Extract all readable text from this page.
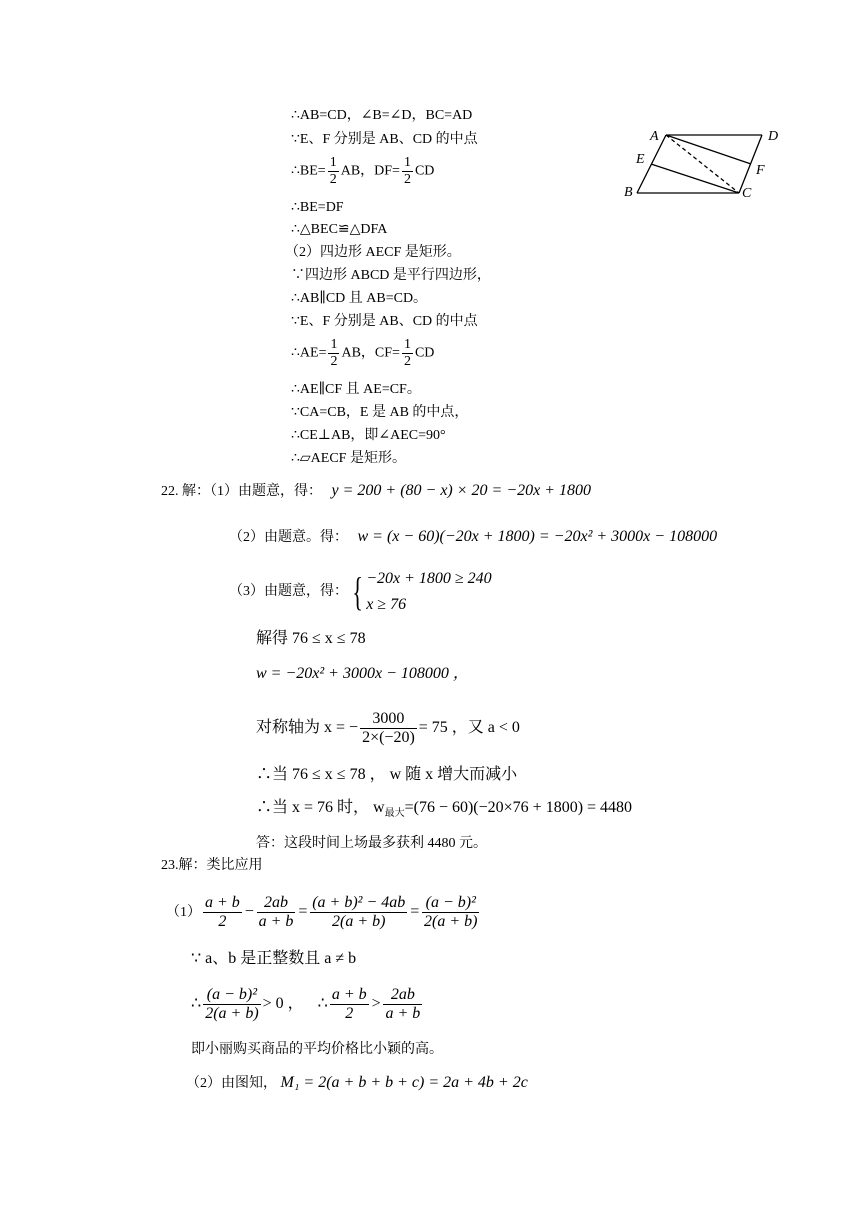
∴AB=CD，∠B=∠D，BC=AD
∵E、F 分别是 AB、CD 的中点
∴BE= $\frac{1}{2}$ AB，$DF= \frac{1}{2}$ CD
∴BE=DF
∴△BEC≌△DFA
（2）四边形 AECF 是矩形。
∵四边形 ABCD 是平行四边形，
∴AB∥CD 且 AB=CD。
∵E、F 分别是 AB、CD 的中点
∴AE= $\frac{1}{2}$ AB，$CF= \frac{1}{2}$ CD
∴AE∥CF 且 AE=CF。
∵CA=CB，E 是 AB 的中点，
∴CE⊥AB，即∠AEC=90°
∴▱AECF 是矩形。
A	D
E
F
B	C
22. 解：（1）由题意，得： y = 200 + (80 − x) × 20 = −20x + 1800
（2）由题意。得： w = (x − 60)(−20x + 1800) = −20x² + 3000x − 108000
（3）由题意，得： { −20x + 1800 ≥ 240
x ≥ 76
解得 76 ≤ x ≤ 78
w = −20x² + 3000x − 108000 ，
对称轴为 x = − $\frac{3000}{2\times(-20)} = 75$ ，又 a < 0
∴当 76 ≤ x ≤ 78 ， w 随 x 增大而减小
∴当 x = 76 时， $w_{最大}=(76 - 60)(-20\times 76 + 1800) = 4480$
答：这段时间上场最多获利 4480 元。
23.解：类比应用
$(1) \frac{a + b}{2} - \frac{2ab}{a + b} = \frac{\text{(a + b)² − 4ab}}{2(a + b)} = \frac{\text{(a − b)²}}{2(a + b)}$
∵ a、b 是正整数且 a ≠ b
∴ $\frac{\text{(a − b)²}}{2(a + b)} > 0$ ， ∴ $\frac{a + b}{2} > \frac{2ab}{a + b}$
即小丽购买商品的平均价格比小颖的高。
（2）由图知， M₁ = 2(a + b + b + c) = 2a + 4b + 2c
